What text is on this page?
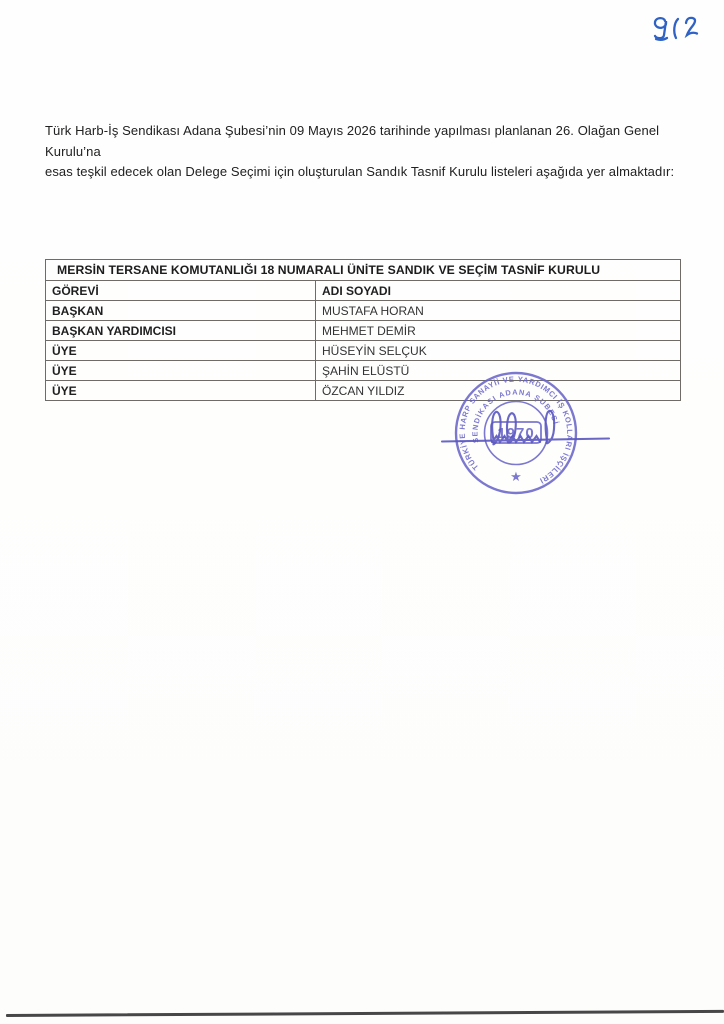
Türk Harb-İş Sendikası Adana Şubesi’nin 09 Mayıs 2026 tarihinde yapılması planlanan 26. Olağan Genel Kurulu’na
esas teşkil edecek olan Delege Seçimi için oluşturulan Sandık Tasnif Kurulu listeleri aşağıda yer almaktadır:
MERSİN TERSANE KOMUTANLIĞI 18 NUMARALI ÜNİTE SANDIK VE SEÇİM TASNİF KURULU	
GÖREVİ	ADI SOYADI
BAŞKAN	MUSTAFA HORAN
BAŞKAN YARDIMCISI	MEHMET DEMİR
ÜYE	HÜSEYİN SELÇUK
ÜYE	ŞAHİN ELÜSTÜ
ÜYE	ÖZCAN YILDIZ
TÜRKİYE HARP SANAYİİ VE YARDIMCI İŞ KOLLARI İŞÇİLERİ
SENDİKASI ADANA ŞUBESİ
1970
★
